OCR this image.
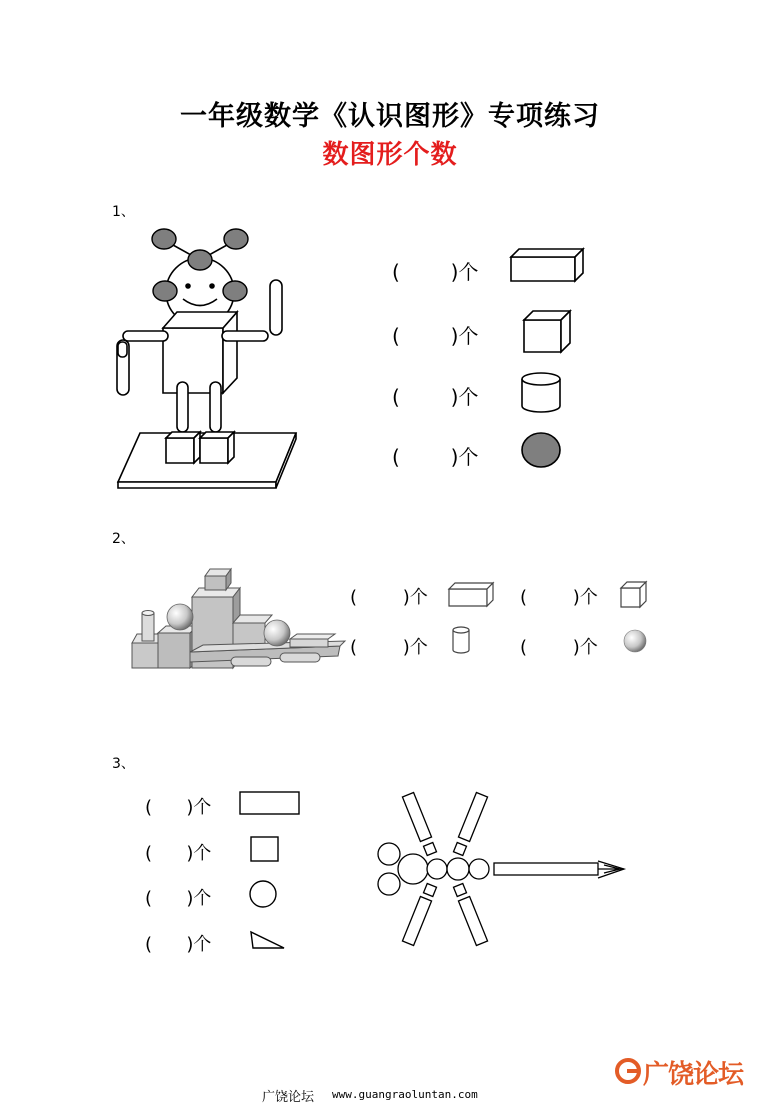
一年级数学《认识图形》专项练习
数图形个数
1、
(        )个
(        )个
(        )个
(        )个
2、
(        )个	(        )个
(        )个	(        )个
3、
(      )个
(      )个
(      )个
(      )个
广饶论坛 www.guangraoluntan.com
广饶论坛
